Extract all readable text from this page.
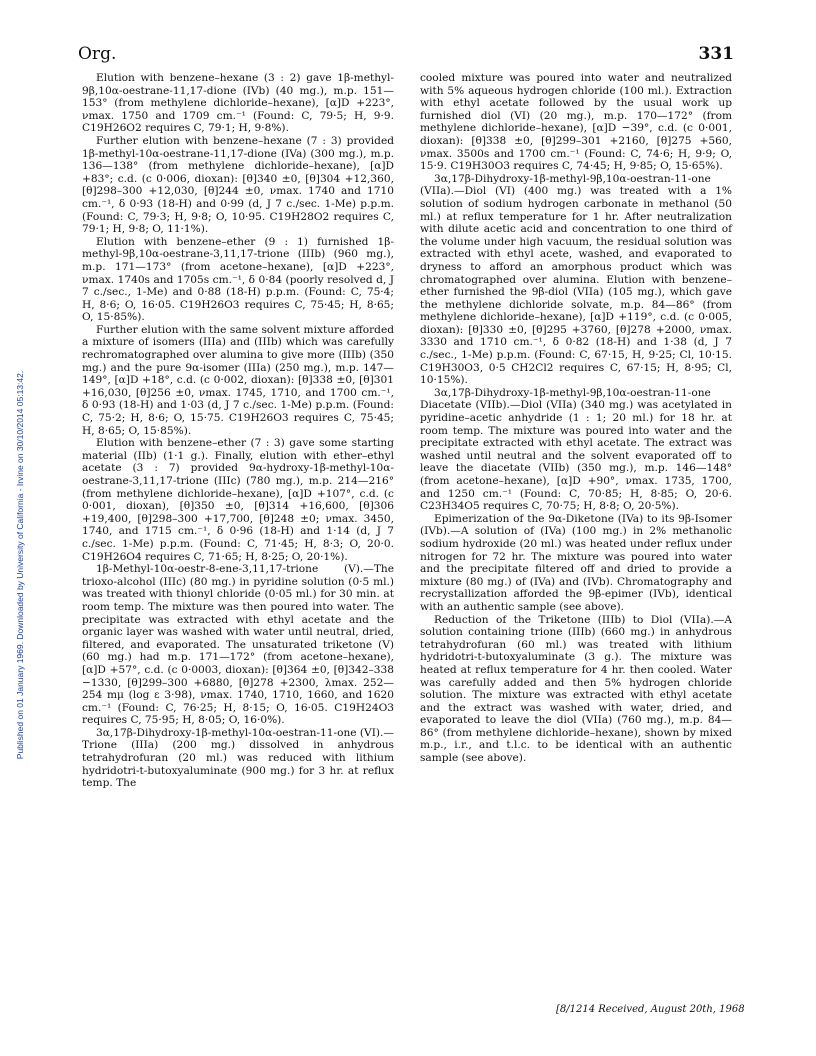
Org.	331
Published on 01 January 1969. Downloaded by University of California - Irvine on 30/10/2014 05:13:42.

Elution with benzene–hexane (3 : 2) gave 1β-methyl-9β,10α-oestrane-11,17-dione (IVb) (40 mg.), m.p. 151—153° (from methylene dichloride–hexane), [α]D +223°, νmax. 1750 and 1709 cm.⁻¹ (Found: C, 79·5; H, 9·9. C19H26O2 requires C, 79·1; H, 9·8%).

Further elution with benzene–hexane (7 : 3) provided 1β-methyl-10α-oestrane-11,17-dione (IVa) (300 mg.), m.p. 136—138° (from methylene dichloride–hexane), [α]D +83°; c.d. (c 0·006, dioxan): [θ]340 ±0, [θ]304 +12,360, [θ]298–300 +12,030, [θ]244 ±0, νmax. 1740 and 1710 cm.⁻¹, δ 0·93 (18-H) and 0·99 (d, J 7 c./sec. 1-Me) p.p.m. (Found: C, 79·3; H, 9·8; O, 10·95. C19H28O2 requires C, 79·1; H, 9·8; O, 11·1%).

Elution with benzene–ether (9 : 1) furnished 1β-methyl-9β,10α-oestrane-3,11,17-trione (IIIb) (960 mg.), m.p. 171—173° (from acetone–hexane), [α]D +223°, νmax. 1740s and 1705s cm.⁻¹, δ 0·84 (poorly resolved d, J 7 c./sec., 1-Me) and 0·88 (18-H) p.p.m. (Found: C, 75·4; H, 8·6; O, 16·05. C19H26O3 requires C, 75·45; H, 8·65; O, 15·85%).

Further elution with the same solvent mixture afforded a mixture of isomers (IIIa) and (IIIb) which was carefully rechromatographed over alumina to give more (IIIb) (350 mg.) and the pure 9α-isomer (IIIa) (250 mg.), m.p. 147—149°, [α]D +18°, c.d. (c 0·002, dioxan): [θ]338 ±0, [θ]301 +16,030, [θ]256 ±0, νmax. 1745, 1710, and 1700 cm.⁻¹, δ 0·93 (18-H) and 1·03 (d, J 7 c./sec. 1-Me) p.p.m. (Found: C, 75·2; H, 8·6; O, 15·75. C19H26O3 requires C, 75·45; H, 8·65; O, 15·85%).

Elution with benzene–ether (7 : 3) gave some starting material (IIb) (1·1 g.). Finally, elution with ether–ethyl acetate (3 : 7) provided 9α-hydroxy-1β-methyl-10α-oestrane-3,11,17-trione (IIIc) (780 mg.), m.p. 214—216° (from methylene dichloride–hexane), [α]D +107°, c.d. (c 0·001, dioxan), [θ]350 ±0, [θ]314 +16,600, [θ]306 +19,400, [θ]298–300 +17,700, [θ]248 ±0; νmax. 3450, 1740, and 1715 cm.⁻¹, δ 0·96 (18-H) and 1·14 (d, J 7 c./sec. 1-Me) p.p.m. (Found: C, 71·45; H, 8·3; O, 20·0. C19H26O4 requires C, 71·65; H, 8·25; O, 20·1%).

1β-Methyl-10α-oestr-8-ene-3,11,17-trione (V).—The trioxo-alcohol (IIIc) (80 mg.) in pyridine solution (0·5 ml.) was treated with thionyl chloride (0·05 ml.) for 30 min. at room temp. The mixture was then poured into water. The precipitate was extracted with ethyl acetate and the organic layer was washed with water until neutral, dried, filtered, and evaporated. The unsaturated triketone (V) (60 mg.) had m.p. 171—172° (from acetone–hexane), [α]D +57°, c.d. (c 0·0003, dioxan): [θ]364 ±0, [θ]342–338 −1330, [θ]299–300 +6880, [θ]278 +2300, λmax. 252—254 mμ (log ε 3·98), νmax. 1740, 1710, 1660, and 1620 cm.⁻¹ (Found: C, 76·25; H, 8·15; O, 16·05. C19H24O3 requires C, 75·95; H, 8·05; O, 16·0%).

3α,17β-Dihydroxy-1β-methyl-10α-oestran-11-one (VI).—Trione (IIIa) (200 mg.) dissolved in anhydrous tetrahydrofuran (20 ml.) was reduced with lithium hydridotri-t-butoxyaluminate (900 mg.) for 3 hr. at reflux temp. The

cooled mixture was poured into water and neutralized with 5% aqueous hydrogen chloride (100 ml.). Extraction with ethyl acetate followed by the usual work up furnished diol (VI) (20 mg.), m.p. 170—172° (from methylene dichloride–hexane), [α]D −39°, c.d. (c 0·001, dioxan): [θ]338 ±0, [θ]299–301 +2160, [θ]275 +560, νmax. 3500s and 1700 cm.⁻¹ (Found: C, 74·6; H, 9·9; O, 15·9. C19H30O3 requires C, 74·45; H, 9·85; O, 15·65%).

3α,17β-Dihydroxy-1β-methyl-9β,10α-oestran-11-one (VIIa).—Diol (VI) (400 mg.) was treated with a 1% solution of sodium hydrogen carbonate in methanol (50 ml.) at reflux temperature for 1 hr. After neutralization with dilute acetic acid and concentration to one third of the volume under high vacuum, the residual solution was extracted with ethyl acete, washed, and evaporated to dryness to afford an amorphous product which was chromatographed over alumina. Elution with benzene–ether furnished the 9β-diol (VIIa) (105 mg.), which gave the methylene dichloride solvate, m.p. 84—86° (from methylene dichloride–hexane), [α]D +119°, c.d. (c 0·005, dioxan): [θ]330 ±0, [θ]295 +3760, [θ]278 +2000, νmax. 3330 and 1710 cm.⁻¹, δ 0·82 (18-H) and 1·38 (d, J 7 c./sec., 1-Me) p.p.m. (Found: C, 67·15, H, 9·25; Cl, 10·15. C19H30O3, 0·5 CH2Cl2 requires C, 67·15; H, 8·95; Cl, 10·15%).

3α,17β-Dihydroxy-1β-methyl-9β,10α-oestran-11-one Diacetate (VIIb).—Diol (VIIa) (340 mg.) was acetylated in pyridine–acetic anhydride (1 : 1; 20 ml.) for 18 hr. at room temp. The mixture was poured into water and the precipitate extracted with ethyl acetate. The extract was washed until neutral and the solvent evaporated off to leave the diacetate (VIIb) (350 mg.), m.p. 146—148° (from acetone–hexane), [α]D +90°, νmax. 1735, 1700, and 1250 cm.⁻¹ (Found: C, 70·85; H, 8·85; O, 20·6. C23H34O5 requires C, 70·75; H, 8·8; O, 20·5%).

Epimerization of the 9α-Diketone (IVa) to its 9β-Isomer (IVb).—A solution of (IVa) (100 mg.) in 2% methanolic sodium hydroxide (20 ml.) was heated under reflux under nitrogen for 72 hr. The mixture was poured into water and the precipitate filtered off and dried to provide a mixture (80 mg.) of (IVa) and (IVb). Chromatography and recrystallization afforded the 9β-epimer (IVb), identical with an authentic sample (see above).

Reduction of the Triketone (IIIb) to Diol (VIIa).—A solution containing trione (IIIb) (660 mg.) in anhydrous tetrahydrofuran (60 ml.) was treated with lithium hydridotri-t-butoxyaluminate (3 g.). The mixture was heated at reflux temperature for 4 hr. then cooled. Water was carefully added and then 5% hydrogen chloride solution. The mixture was extracted with ethyl acetate and the extract was washed with water, dried, and evaporated to leave the diol (VIIa) (760 mg.), m.p. 84—86° (from methylene dichloride–hexane), shown by mixed m.p., i.r., and t.l.c. to be identical with an authentic sample (see above).

[8/1214 Received, August 20th, 1968
